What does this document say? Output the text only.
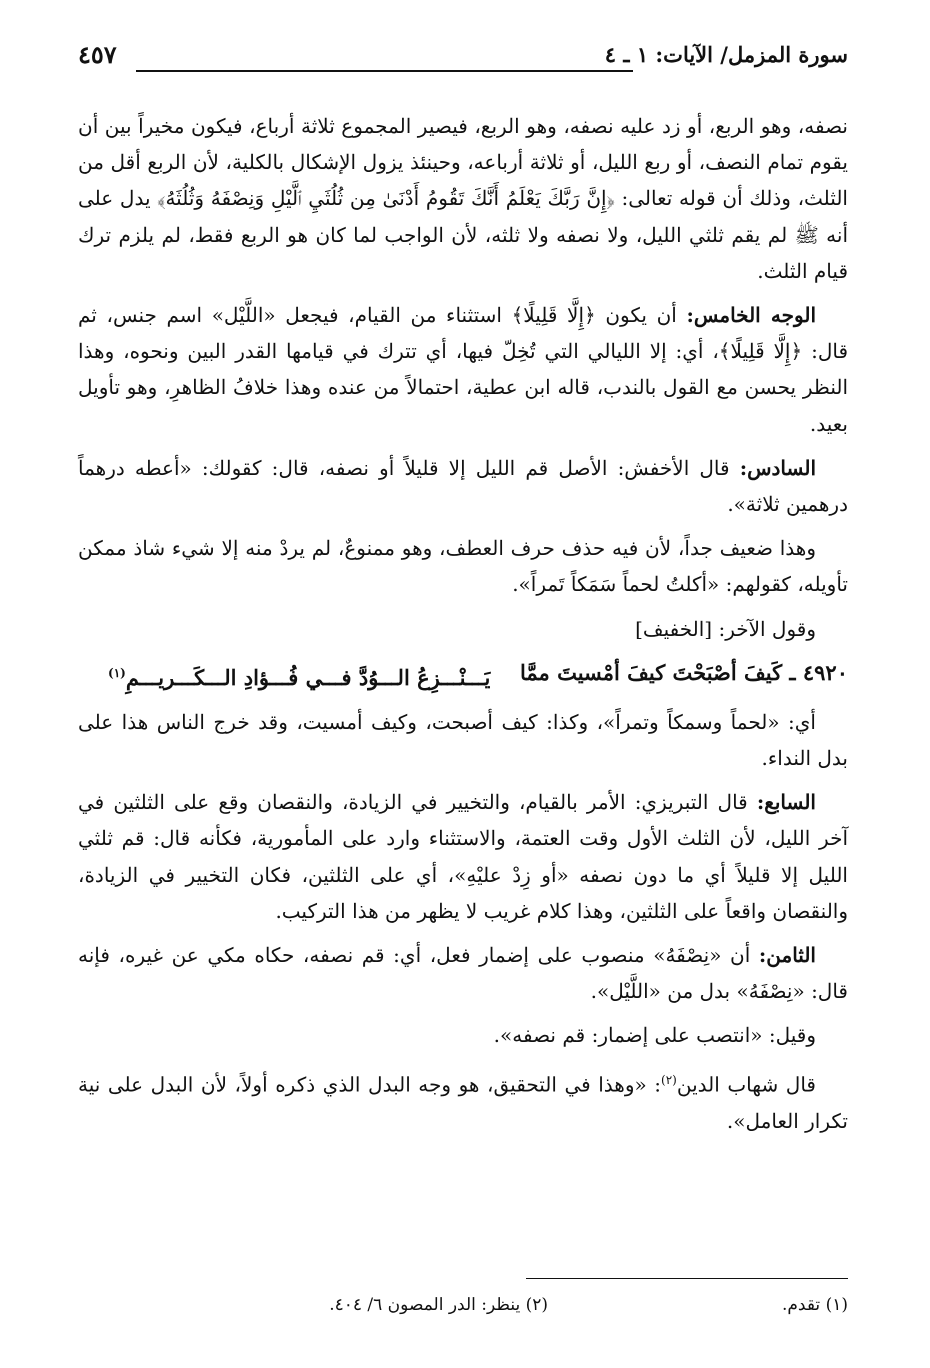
سورة المزمل/ الآيات: ١ ـ ٤
٤٥٧

نصفه، وهو الربع، أو زد عليه نصفه، وهو الربع، فيصير المجموع ثلاثة أرباع، فيكون مخيراً بين أن يقوم تمام النصف، أو ربع الليل، أو ثلاثة أرباعه، وحينئذ يزول الإشكال بالكلية، لأن الربع أقل من الثلث، وذلك أن قوله تعالى: ﴿إِنَّ رَبَّكَ يَعْلَمُ أَنَّكَ تَقُومُ أَدْنَىٰ مِن ثُلُثَيِ ٱلَّيْلِ وَنِصْفَهُ وَثُلُثَهُ﴾ يدل على أنه ﷺ لم يقم ثلثي الليل، ولا نصفه ولا ثلثه، لأن الواجب لما كان هو الربع فقط، لم يلزم ترك قيام الثلث.

الوجه الخامس: أن يكون ﴿إِلَّا قَلِيلًا﴾ استثناء من القيام، فيجعل «اللَّيْل» اسم جنس، ثم قال: ﴿إِلَّا قَلِيلًا﴾، أي: إلا الليالي التي تُخِلّ فيها، أي تترك في قيامها القدر البين ونحوه، وهذا النظر يحسن مع القول بالندب، قاله ابن عطية، احتمالاً من عنده وهذا خلافُ الظاهرِ، وهو تأويل بعيد.

السادس: قال الأخفش: الأصل قم الليل إلا قليلاً أو نصفه، قال: كقولك: «أعطه درهماً درهمين ثلاثة».

وهذا ضعيف جداً، لأن فيه حذف حرف العطف، وهو ممنوعٌ، لم يردْ منه إلا شيء شاذ ممكن تأويله، كقولهم: «أكلتُ لحماً سَمَكاً تَمراً».

وقول الآخر: [الخفيف]

٤٩٢٠ ـ كَيفَ أصْبَحْتَ كيفَ أمْسيتَ ممَّا
يَـــنْـــزِعُ الـــوُدَّ فـــي فُـــؤادِ الـــكَـــريـــمِ$^{(١)}$

أي: «لحماً وسمكاً وتمراً»، وكذا: كيف أصبحت، وكيف أمسيت، وقد خرج الناس هذا على بدل النداء.

السابع: قال التبريزي: الأمر بالقيام، والتخيير في الزيادة، والنقصان وقع على الثلثين في آخر الليل، لأن الثلث الأول وقت العتمة، والاستثناء وارد على المأمورية، فكأنه قال: قم ثلثي الليل إلا قليلاً أي ما دون نصفه «أو زِدْ عليْهِ»، أي على الثلثين، فكان التخيير في الزيادة، والنقصان واقعاً على الثلثين، وهذا كلام غريب لا يظهر من هذا التركيب.

الثامن: أن «نِصْفَهُ» منصوب على إضمار فعل، أي: قم نصفه، حكاه مكي عن غيره، فإنه قال: «نِصْفَهُ» بدل من «اللَّيْل».

وقيل: «انتصب على إضمار: قم نصفه».

قال شهاب الدين$^{(٢)}$: «وهذا في التحقيق، هو وجه البدل الذي ذكره أولاً، لأن البدل على نية تكرار العامل».

(١) تقدم.
(٢) ينظر: الدر المصون ٦/ ٤٠٤.
